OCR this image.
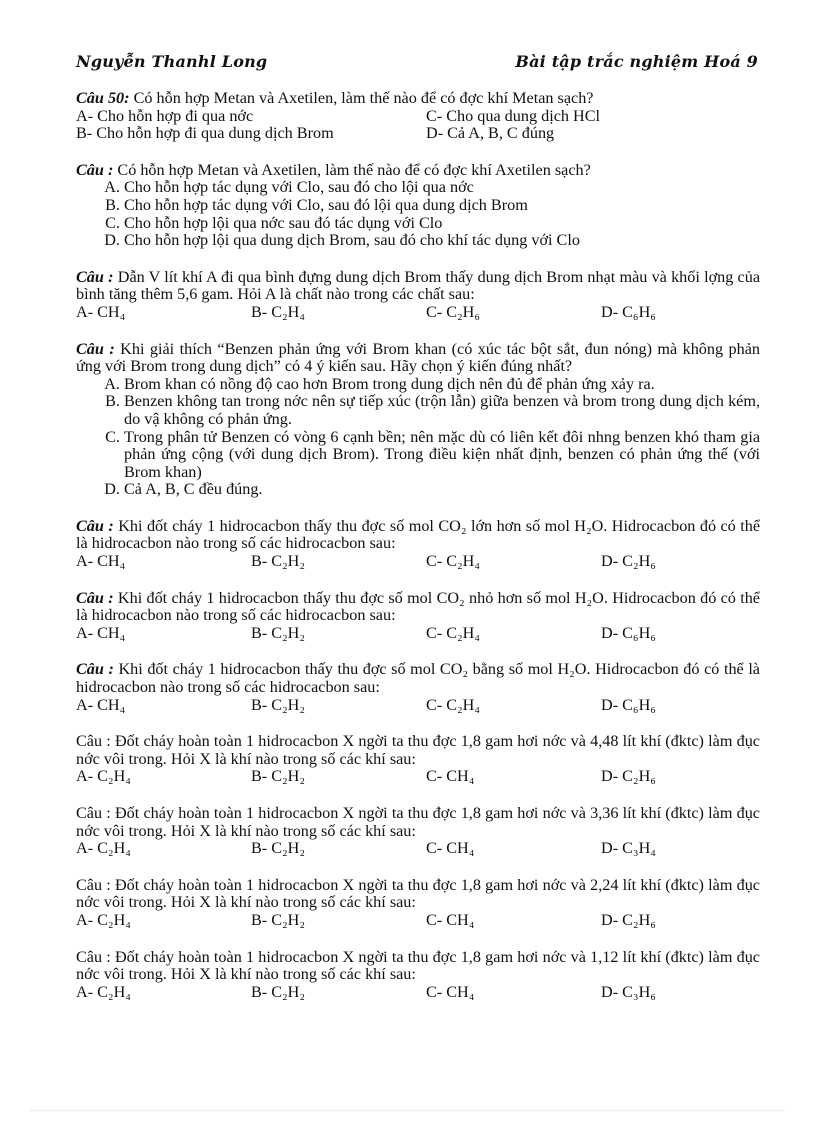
Nguyễn Thanhl Long	Bài tập trắc nghiệm Hoá 9

Câu 50: Có hỗn hợp Metan và Axetilen, làm thế nào để có đợc khí Metan sạch?

A- Cho hỗn hợp đi qua nớc	C- Cho qua dung dịch HCl
B- Cho hỗn hợp đi qua dung dịch Brom	D- Cả A, B, C đúng

Câu : Có hỗn hợp Metan và Axetilen, làm thế nào để có đợc khí Axetilen sạch?

A. Cho hỗn hợp tác dụng với Clo, sau đó cho lội qua nớc
B. Cho hỗn hợp tác dụng với Clo, sau đó lội qua dung dịch Brom
C. Cho hỗn hợp lội qua nớc sau đó tác dụng với Clo
D. Cho hỗn hợp lội qua dung dịch Brom, sau đó cho khí tác dụng với Clo

Câu : Dẫn V lít khí A đi qua bình đựng dung dịch Brom thấy dung dịch Brom nhạt màu và khối lợng của bình tăng thêm 5,6 gam. Hỏi A là chất nào trong các chất sau:

A- CH₄	B- C₂H₄	C- C₂H₆	D- C₆H₆

Câu : Khi giải thích “Benzen phản ứng với Brom khan (có xúc tác bột sắt, đun nóng) mà không phản ứng với Brom trong dung dịch” có 4 ý kiến sau. Hãy chọn ý kiến đúng nhất?

A. Brom khan có nồng độ cao hơn Brom trong dung dịch nên đủ để phản ứng xảy ra.
B. Benzen không tan trong nớc nên sự tiếp xúc (trộn lẫn) giữa benzen và brom trong dung dịch kém, do vậ không có phản ứng.
C. Trong phân tử Benzen có vòng 6 cạnh bền; nên mặc dù có liên kết đôi nhng benzen khó tham gia phản ứng cộng (với dung dịch Brom). Trong điều kiện nhất định, benzen có phản ứng thế (với Brom khan)
D. Cả A, B, C đều đúng.

Câu : Khi đốt cháy 1 hidrocacbon thấy thu đợc số mol CO₂ lớn hơn số mol H₂O. Hidrocacbon đó có thể là hidrocacbon nào trong số các hidrocacbon sau:

A- CH₄	B- C₂H₂	C- C₂H₄	D- C₂H₆

Câu : Khi đốt cháy 1 hidrocacbon thấy thu đợc số mol CO₂ nhỏ hơn số mol H₂O. Hidrocacbon đó có thể là hidrocacbon nào trong số các hidrocacbon sau:

A- CH₄	B- C₂H₂	C- C₂H₄	D- C₆H₆

Câu : Khi đốt cháy 1 hidrocacbon thấy thu đợc số mol CO₂ bằng số mol H₂O. Hidrocacbon đó có thể là hidrocacbon nào trong số các hidrocacbon sau:

A- CH₄	B- C₂H₂	C- C₂H₄	D- C₆H₆

Câu : Đốt cháy hoàn toàn 1 hidrocacbon X ngời ta thu đợc 1,8 gam hơi nớc và 4,48 lít khí (đktc) làm đục nớc vôi trong. Hỏi X là khí nào trong số các khí sau:

A- C₂H₄	B- C₂H₂	C- CH₄	D- C₂H₆

Câu : Đốt cháy hoàn toàn 1 hidrocacbon X ngời ta thu đợc 1,8 gam hơi nớc và 3,36 lít khí (đktc) làm đục nớc vôi trong. Hỏi X là khí nào trong số các khí sau:

A- C₂H₄	B- C₂H₂	C- CH₄	D- C₃H₄

Câu : Đốt cháy hoàn toàn 1 hidrocacbon X ngời ta thu đợc 1,8 gam hơi nớc và 2,24 lít khí (đktc) làm đục nớc vôi trong. Hỏi X là khí nào trong số các khí sau:

A- C₂H₄	B- C₂H₂	C- CH₄	D- C₂H₆

Câu : Đốt cháy hoàn toàn 1 hidrocacbon X ngời ta thu đợc 1,8 gam hơi nớc và 1,12 lít khí (đktc) làm đục nớc vôi trong. Hỏi X là khí nào trong số các khí sau:

A- C₂H₄	B- C₂H₂	C- CH₄	D- C₃H₆
